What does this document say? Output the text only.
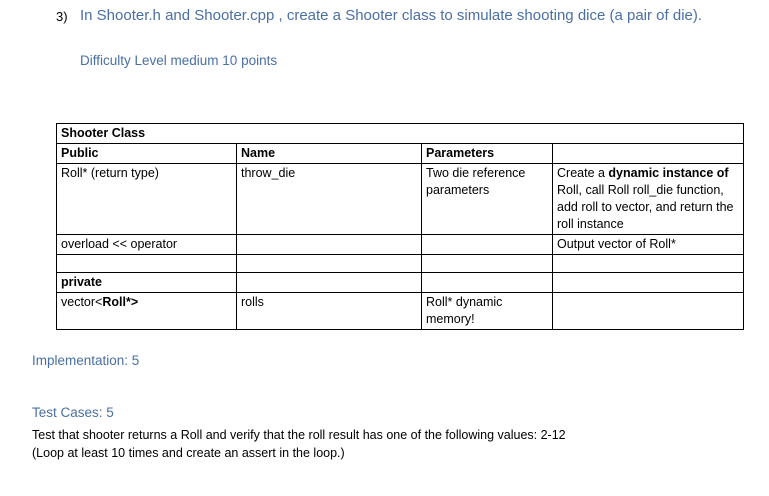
3) In Shooter.h and Shooter.cpp , create a Shooter class to simulate shooting dice (a pair of die).
Difficulty Level medium 10 points
Shooter Class			
Public	Name	Parameters	
Roll* (return type)	throw_die	Two die reference parameters	Create a dynamic instance of Roll, call Roll roll_die function, add roll to vector, and return the roll instance
overload << operator			Output vector of Roll*

private			
vector<Roll*>	rolls	Roll* dynamic memory!	
Implementation: 5
Test Cases: 5
Test that shooter returns a Roll and verify that the roll result has one of the following values: 2-12
(Loop at least 10 times and create an assert in the loop.)
